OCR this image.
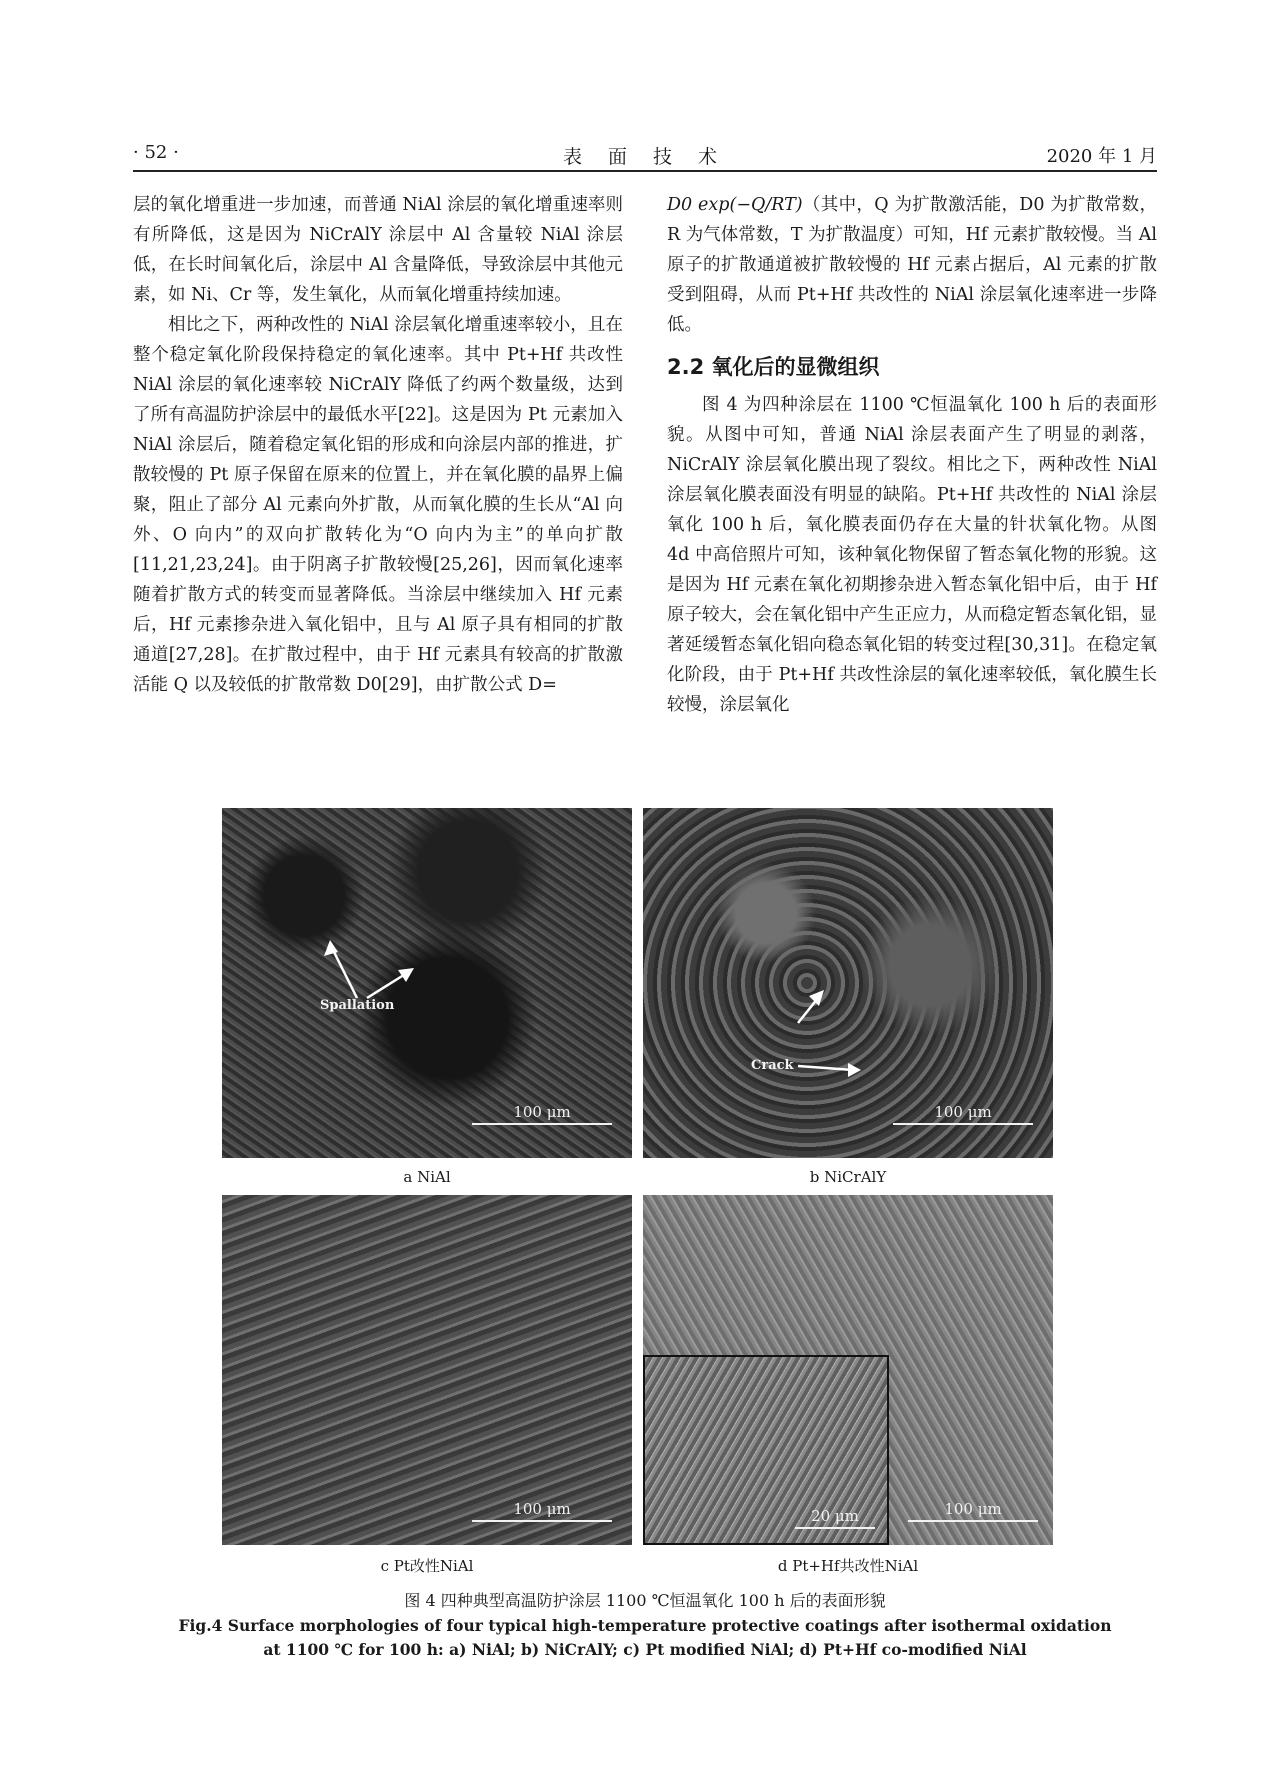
· 52 ·	表 面 技 术	2020 年 1 月

层的氧化增重进一步加速，而普通 NiAl 涂层的氧化增重速率则有所降低，这是因为 NiCrAlY 涂层中 Al 含量较 NiAl 涂层低，在长时间氧化后，涂层中 Al 含量降低，导致涂层中其他元素，如 Ni、Cr 等，发生氧化，从而氧化增重持续加速。

相比之下，两种改性的 NiAl 涂层氧化增重速率较小，且在整个稳定氧化阶段保持稳定的氧化速率。其中 Pt+Hf 共改性 NiAl 涂层的氧化速率较 NiCrAlY 降低了约两个数量级，达到了所有高温防护涂层中的最低水平[22]。这是因为 Pt 元素加入 NiAl 涂层后，随着稳定氧化铝的形成和向涂层内部的推进，扩散较慢的 Pt 原子保留在原来的位置上，并在氧化膜的晶界上偏聚，阻止了部分 Al 元素向外扩散，从而氧化膜的生长从“Al 向外、O 向内”的双向扩散转化为“O 向内为主”的单向扩散[11,21,23,24]。由于阴离子扩散较慢[25,26]，因而氧化速率随着扩散方式的转变而显著降低。当涂层中继续加入 Hf 元素后，Hf 元素掺杂进入氧化铝中，且与 Al 原子具有相同的扩散通道[27,28]。在扩散过程中，由于 Hf 元素具有较高的扩散激活能 Q 以及较低的扩散常数 D0[29]，由扩散公式 D=

D0 exp(−Q/RT)（其中，Q 为扩散激活能，D0 为扩散常数，R 为气体常数，T 为扩散温度）可知，Hf 元素扩散较慢。当 Al 原子的扩散通道被扩散较慢的 Hf 元素占据后，Al 元素的扩散受到阻碍，从而 Pt+Hf 共改性的 NiAl 涂层氧化速率进一步降低。

2.2 氧化后的显微组织

图 4 为四种涂层在 1100 ℃恒温氧化 100 h 后的表面形貌。从图中可知，普通 NiAl 涂层表面产生了明显的剥落，NiCrAlY 涂层氧化膜出现了裂纹。相比之下，两种改性 NiAl 涂层氧化膜表面没有明显的缺陷。Pt+Hf 共改性的 NiAl 涂层氧化 100 h 后，氧化膜表面仍存在大量的针状氧化物。从图 4d 中高倍照片可知，该种氧化物保留了暂态氧化物的形貌。这是因为 Hf 元素在氧化初期掺杂进入暂态氧化铝中后，由于 Hf 原子较大，会在氧化铝中产生正应力，从而稳定暂态氧化铝，显著延缓暂态氧化铝向稳态氧化铝的转变过程[30,31]。在稳定氧化阶段，由于 Pt+Hf 共改性涂层的氧化速率较低，氧化膜生长较慢，涂层氧化

Spallation
100 μm
Crack
100 μm
100 μm	20 μm	100 μm
a NiAl	b NiCrAlY
c Pt改性NiAl	d Pt+Hf共改性NiAl
图 4 四种典型高温防护涂层 1100 ℃恒温氧化 100 h 后的表面形貌
Fig.4 Surface morphologies of four typical high-temperature protective coatings after isothermal oxidation
at 1100 ℃ for 100 h: a) NiAl; b) NiCrAlY; c) Pt modified NiAl; d) Pt+Hf co-modified NiAl
